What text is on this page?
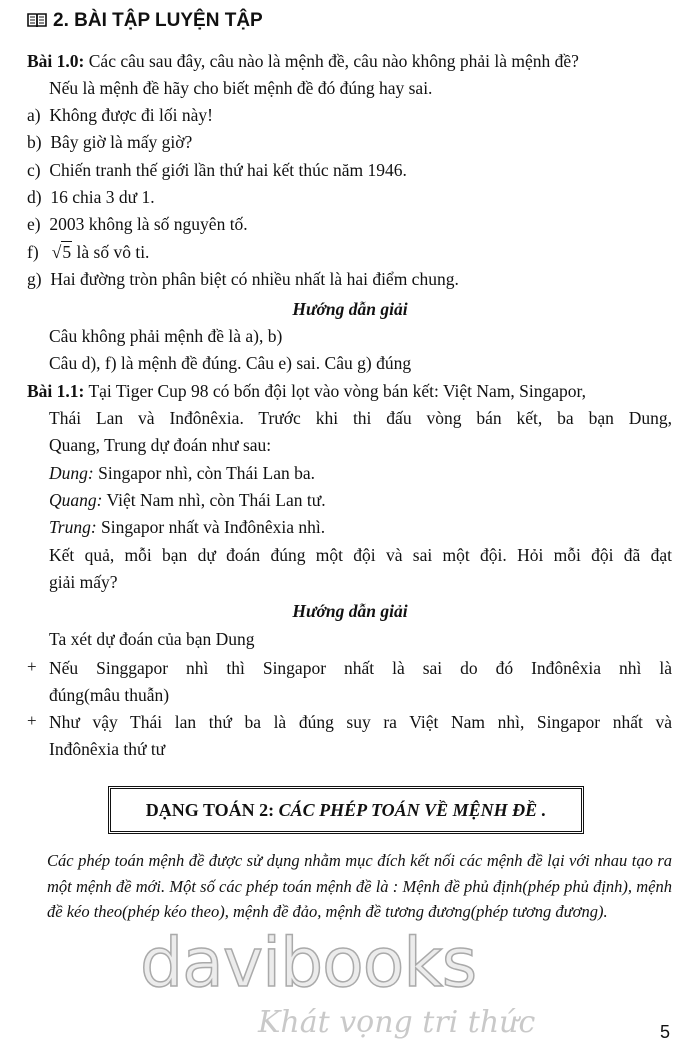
2. BÀI TẬP LUYỆN TẬP
Bài 1.0: Các câu sau đây, câu nào là mệnh đề, câu nào không phải là mệnh đề?
Nếu là mệnh đề hãy cho biết mệnh đề đó đúng hay sai.
a) Không được đi lối này!
b) Bây giờ là mấy giờ?
c) Chiến tranh thế giới lần thứ hai kết thúc năm 1946.
d) 16 chia 3 dư 1.
e) 2003 không là số nguyên tố.
f) √5 là số vô ti.
g) Hai đường tròn phân biệt có nhiều nhất là hai điểm chung.
Hướng dẫn giải
Câu không phải mệnh đề là a), b)
Câu d), f) là mệnh đề đúng. Câu e) sai. Câu g) đúng
Bài 1.1: Tại Tiger Cup 98 có bốn đội lọt vào vòng bán kết: Việt Nam, Singapor,
Thái Lan và Inđônêxia. Trước khi thi đấu vòng bán kết, ba bạn Dung,
Quang, Trung dự đoán như sau:
Dung: Singapor nhì, còn Thái Lan ba.
Quang: Việt Nam nhì, còn Thái Lan tư.
Trung: Singapor nhất và Inđônêxia nhì.
Kết quả, mỗi bạn dự đoán đúng một đội và sai một đội. Hỏi mỗi đội đã đạt
giải mấy?
Hướng dẫn giải
Ta xét dự đoán của bạn Dung
+ Nếu Singgapor nhì thì Singapor nhất là sai do đó Inđônêxia nhì là
đúng(mâu thuẫn)
+ Như vậy Thái lan thứ ba là đúng suy ra Việt Nam nhì, Singapor nhất và
Inđônêxia thứ tư
DẠNG TOÁN 2:
CÁC PHÉP TOÁN VỀ MỆNH ĐỀ .
Các phép toán mệnh đề được sử dụng nhằm mục đích kết nối các mệnh đề lại với nhau tạo ra một mệnh đề mới. Một số các phép toán mệnh đề là : Mệnh đề phủ định(phép phủ định), mệnh đề kéo theo(phép kéo theo), mệnh đề đảo, mệnh đề tương đương(phép tương đương).
davibooks
Khát vọng tri thức	5
